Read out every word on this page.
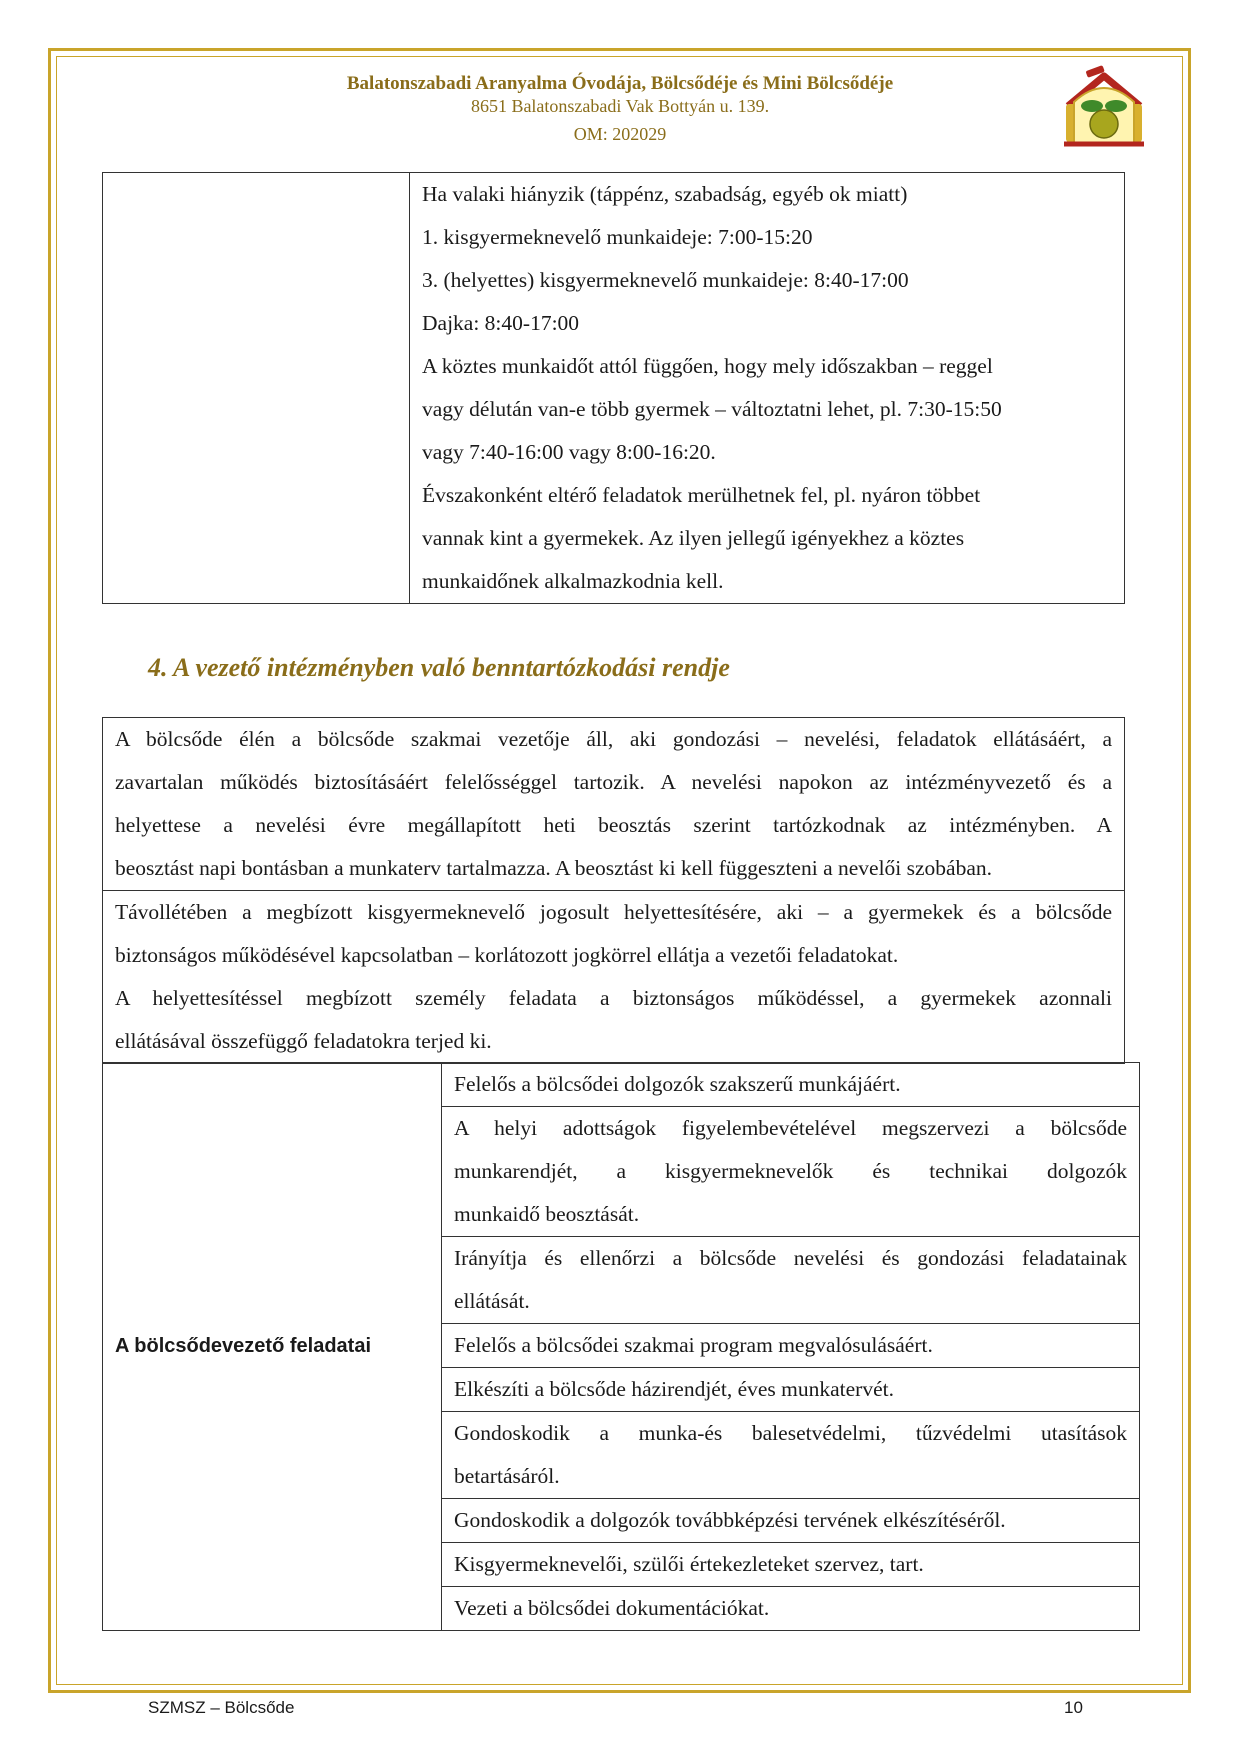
Balatonszabadi Aranyalma Óvodája, Bölcsődéje és Mini Bölcsődéje
8651 Balatonszabadi Vak Bottyán u. 139.
OM: 202029

Ha valaki hiányzik (táppénz, szabadság, egyéb ok miatt)
1. kisgyermeknevelő munkaideje: 7:00-15:20
3. (helyettes) kisgyermeknevelő munkaideje: 8:40-17:00
Dajka: 8:40-17:00
A köztes munkaidőt attól függően, hogy mely időszakban – reggel
vagy délután van-e több gyermek – változtatni lehet, pl. 7:30-15:50
vagy 7:40-16:00 vagy 8:00-16:20.
Évszakonként eltérő feladatok merülhetnek fel, pl. nyáron többet
vannak kint a gyermekek. Az ilyen jellegű igényekhez a köztes
munkaidőnek alkalmazkodnia kell.
4. A vezető intézményben való benntartózkodási rendje
A bölcsőde élén a bölcsőde szakmai vezetője áll, aki gondozási – nevelési, feladatok ellátásáért, a
zavartalan működés biztosításáért felelősséggel tartozik. A nevelési napokon az intézményvezető és a
helyettese a nevelési évre megállapított heti beosztás szerint tartózkodnak az intézményben. A
beosztást napi bontásban a munkaterv tartalmazza. A beosztást ki kell függeszteni a nevelői szobában.

Távollétében a megbízott kisgyermeknevelő jogosult helyettesítésére, aki – a gyermekek és a bölcsőde
biztonságos működésével kapcsolatban – korlátozott jogkörrel ellátja a vezetői feladatokat.
A helyettesítéssel megbízott személy feladata a biztonságos működéssel, a gyermekek azonnali
ellátásával összefüggő feladatokra terjed ki.
A bölcsődevezető feladatai	
Felelős a bölcsődei dolgozók szakszerű munkájáért.

A helyi adottságok figyelembevételével megszervezi a bölcsőde
munkarendjét, a kisgyermeknevelők és technikai dolgozók
munkaidő beosztását.

Irányítja és ellenőrzi a bölcsőde nevelési és gondozási feladatainak
ellátását.

Felelős a bölcsődei szakmai program megvalósulásáért.

Elkészíti a bölcsőde házirendjét, éves munkatervét.

Gondoskodik a munka-és balesetvédelmi, tűzvédelmi utasítások
betartásáról.

Gondoskodik a dolgozók továbbképzési tervének elkészítéséről.

Kisgyermeknevelői, szülői értekezleteket szervez, tart.

Vezeti a bölcsődei dokumentációkat.
SZMSZ – Bölcsőde	10
